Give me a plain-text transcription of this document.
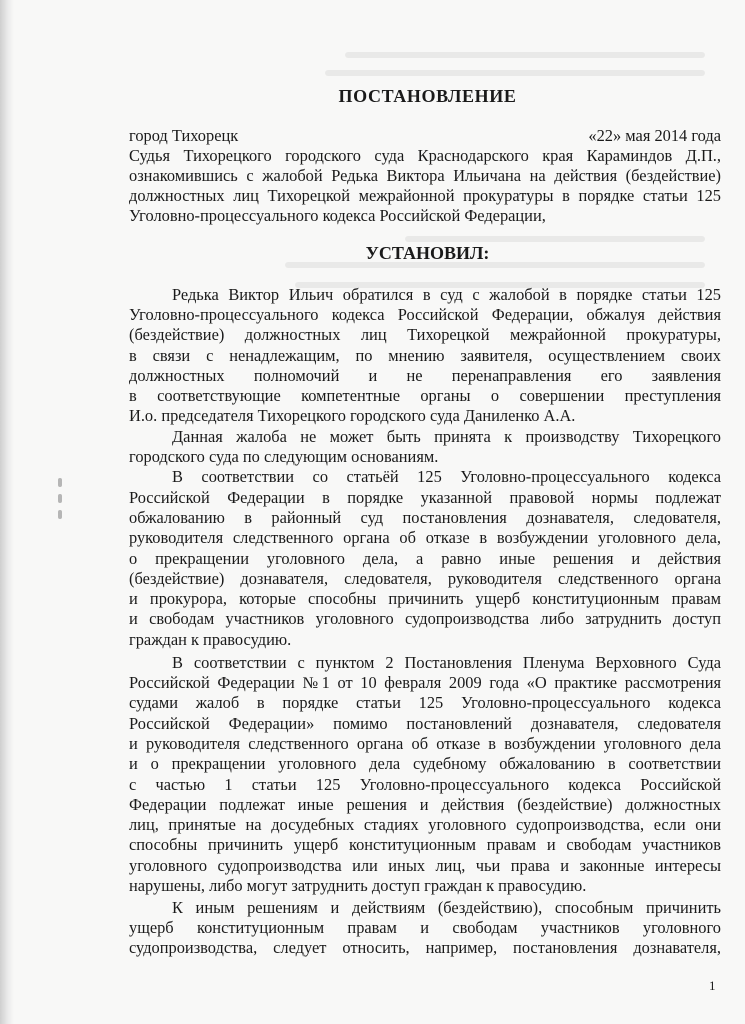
ПОСТАНОВЛЕНИЕ
город Тихорецк	«22» мая 2014 года
Судья Тихорецкого городского суда Краснодарского края Караминдов Д.П.,
ознакомившись с жалобой Редька Виктора Ильичана на действия (бездействие)
должностных лиц Тихорецкой межрайонной прокуратуры в порядке статьи 125
Уголовно-процессуального кодекса Российской Федерации,
УСТАНОВИЛ:
Редька Виктор Ильич обратился в суд с жалобой в порядке статьи 125
Уголовно-процессуального кодекса Российской Федерации, обжалуя действия
(бездействие) должностных лиц Тихорецкой межрайонной прокуратуры,
в связи с ненадлежащим, по мнению заявителя, осуществлением своих
должностных полномочий и не перенаправления его заявления
в соответствующие компетентные органы о совершении преступления
И.о. председателя Тихорецкого городского суда Даниленко А.А.
Данная жалоба не может быть принята к производству Тихорецкого
городского суда по следующим основаниям.
В соответствии со статьёй 125 Уголовно-процессуального кодекса
Российской Федерации в порядке указанной правовой нормы подлежат
обжалованию в районный суд постановления дознавателя, следователя,
руководителя следственного органа об отказе в возбуждении уголовного дела,
о прекращении уголовного дела, а равно иные решения и действия
(бездействие) дознавателя, следователя, руководителя следственного органа
и прокурора, которые способны причинить ущерб конституционным правам
и свободам участников уголовного судопроизводства либо затруднить доступ
граждан к правосудию.
В соответствии с пунктом 2 Постановления Пленума Верховного Суда
Российской Федерации №1 от 10 февраля 2009 года «О практике рассмотрения
судами жалоб в порядке статьи 125 Уголовно-процессуального кодекса
Российской Федерации» помимо постановлений дознавателя, следователя
и руководителя следственного органа об отказе в возбуждении уголовного дела
и о прекращении уголовного дела судебному обжалованию в соответствии
с частью 1 статьи 125 Уголовно-процессуального кодекса Российской
Федерации подлежат иные решения и действия (бездействие) должностных
лиц, принятые на досудебных стадиях уголовного судопроизводства, если они
способны причинить ущерб конституционным правам и свободам участников
уголовного судопроизводства или иных лиц, чьи права и законные интересы
нарушены, либо могут затруднить доступ граждан к правосудию.
К иным решениям и действиям (бездействию), способным причинить
ущерб конституционным правам и свободам участников уголовного
судопроизводства, следует относить, например, постановления дознавателя,
1
